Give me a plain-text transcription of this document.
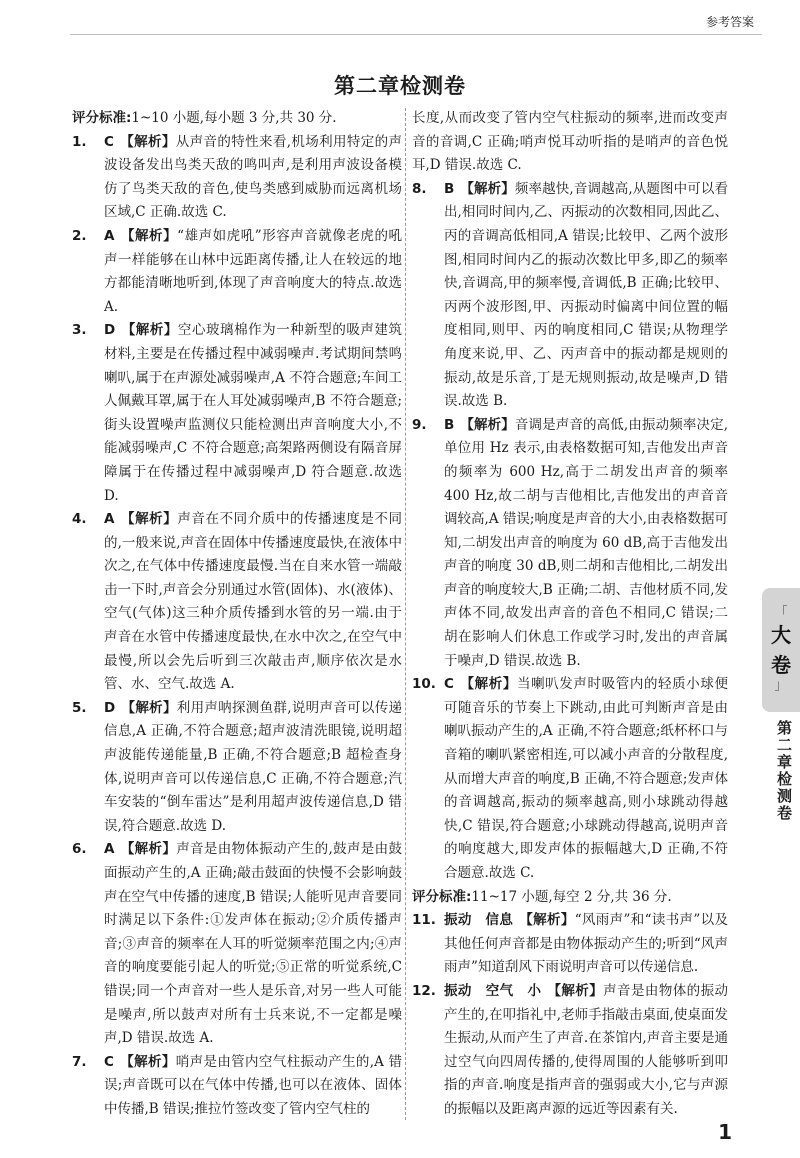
参考答案
第二章检测卷

评分标准:1~10 小题,每小题 3 分,共 30 分.

1.	C 【解析】从声音的特性来看,机场利用特定的声波设备发出鸟类天敌的鸣叫声,是利用声波设备模仿了鸟类天敌的音色,使鸟类感到威胁而远离机场区域,C 正确.故选 C.
2.	A 【解析】“雄声如虎吼”形容声音就像老虎的吼声一样能够在山林中远距离传播,让人在较远的地方都能清晰地听到,体现了声音响度大的特点.故选 A.
3.	D 【解析】空心玻璃棉作为一种新型的吸声建筑材料,主要是在传播过程中减弱噪声.考试期间禁鸣喇叭,属于在声源处减弱噪声,A 不符合题意;车间工人佩戴耳罩,属于在人耳处减弱噪声,B 不符合题意;街头设置噪声监测仪只能检测出声音响度大小,不能减弱噪声,C 不符合题意;高架路两侧设有隔音屏障属于在传播过程中减弱噪声,D 符合题意.故选 D.
4.	A 【解析】声音在不同介质中的传播速度是不同的,一般来说,声音在固体中传播速度最快,在液体中次之,在气体中传播速度最慢.当在自来水管一端敲击一下时,声音会分别通过水管(固体)、水(液体)、空气(气体)这三种介质传播到水管的另一端.由于声音在水管中传播速度最快,在水中次之,在空气中最慢,所以会先后听到三次敲击声,顺序依次是水管、水、空气.故选 A.
5.	D 【解析】利用声呐探测鱼群,说明声音可以传递信息,A 正确,不符合题意;超声波清洗眼镜,说明超声波能传递能量,B 正确,不符合题意;B 超检查身体,说明声音可以传递信息,C 正确,不符合题意;汽车安装的“倒车雷达”是利用超声波传递信息,D 错误,符合题意.故选 D.
6.	A 【解析】声音是由物体振动产生的,鼓声是由鼓面振动产生的,A 正确;敲击鼓面的快慢不会影响鼓声在空气中传播的速度,B 错误;人能听见声音要同时满足以下条件:①发声体在振动;②介质传播声音;③声音的频率在人耳的听觉频率范围之内;④声音的响度要能引起人的听觉;⑤正常的听觉系统,C 错误;同一个声音对一些人是乐音,对另一些人可能是噪声,所以鼓声对所有士兵来说,不一定都是噪声,D 错误.故选 A.
7.	C 【解析】哨声是由管内空气柱振动产生的,A 错误;声音既可以在气体中传播,也可以在液体、固体中传播,B 错误;推拉竹签改变了管内空气柱的

长度,从而改变了管内空气柱振动的频率,进而改变声音的音调,C 正确;哨声悦耳动听指的是哨声的音色悦耳,D 错误.故选 C.

8.	B 【解析】频率越快,音调越高,从题图中可以看出,相同时间内,乙、丙振动的次数相同,因此乙、丙的音调高低相同,A 错误;比较甲、乙两个波形图,相同时间内乙的振动次数比甲多,即乙的频率快,音调高,甲的频率慢,音调低,B 正确;比较甲、丙两个波形图,甲、丙振动时偏离中间位置的幅度相同,则甲、丙的响度相同,C 错误;从物理学角度来说,甲、乙、丙声音中的振动都是规则的振动,故是乐音,丁是无规则振动,故是噪声,D 错误.故选 B.
9.	B 【解析】音调是声音的高低,由振动频率决定,单位用 Hz 表示,由表格数据可知,吉他发出声音的频率为 600 Hz,高于二胡发出声音的频率 400 Hz,故二胡与吉他相比,吉他发出的声音音调较高,A 错误;响度是声音的大小,由表格数据可知,二胡发出声音的响度为 60 dB,高于吉他发出声音的响度 30 dB,则二胡和吉他相比,二胡发出声音的响度较大,B 正确;二胡、吉他材质不同,发声体不同,故发出声音的音色不相同,C 错误;二胡在影响人们休息工作或学习时,发出的声音属于噪声,D 错误.故选 B.
10. C 【解析】当喇叭发声时吸管内的轻质小球便可随音乐的节奏上下跳动,由此可判断声音是由喇叭振动产生的,A 正确,不符合题意;纸杯杯口与音箱的喇叭紧密相连,可以减小声音的分散程度,从而增大声音的响度,B 正确,不符合题意;发声体的音调越高,振动的频率越高,则小球跳动得越快,C 错误,符合题意;小球跳动得越高,说明声音的响度越大,即发声体的振幅越大,D 正确,不符合题意.故选 C.

评分标准:11~17 小题,每空 2 分,共 36 分.

11. 振动　信息 【解析】“风雨声”和“读书声”以及其他任何声音都是由物体振动产生的;听到“风声雨声”知道刮风下雨说明声音可以传递信息.
12. 振动　空气　小 【解析】声音是由物体的振动产生的,在叩指礼中,老师手指敲击桌面,使桌面发生振动,从而产生了声音.在茶馆内,声音主要是通过空气向四周传播的,使得周围的人能够听到叩指的声音.响度是指声音的强弱或大小,它与声源的振幅以及距离声源的远近等因素有关.
「
大
卷
」
第二章检测卷
1
